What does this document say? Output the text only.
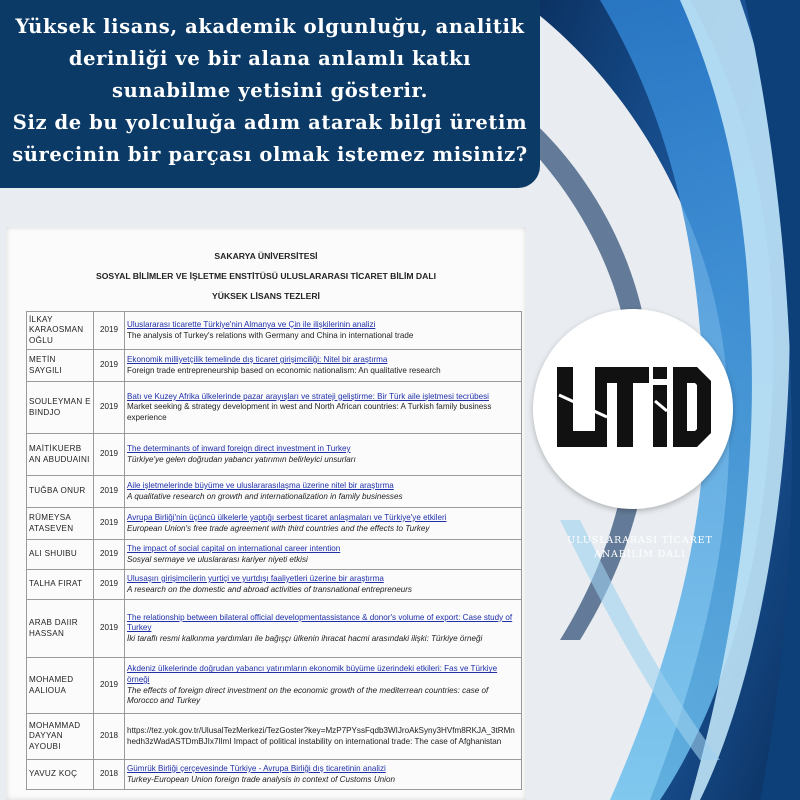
Yüksek lisans, akademik olgunluğu, analitik
derinliği ve bir alana anlamlı katkı
sunabilme yetisini gösterir.
Siz de bu yolculuğa adım atarak bilgi üretim
sürecinin bir parçası olmak istemez misiniz?
SAKARYA ÜNİVERSİTESİ
SOSYAL BİLİMLER VE İŞLETME ENSTİTÜSÜ ULUSLARARASI TİCARET BİLİM DALI
YÜKSEK LİSANS TEZLERİ
İLKAY KARAOSMAN OĞLU	2019	Uluslararası ticarette Türkiye'nin Almanya ve Çin ile ilişkilerinin analizi
The analysis of Turkey's relations with Germany and China in international trade

METİN SAYGILI	2019	Ekonomik milliyetçilik temelinde dış ticaret girişimciliği: Nitel bir araştırma
Foreign trade entrepreneurship based on economic nationalism: An qualitative research

SOULEYMAN E BINDJO	2019	Batı ve Kuzey Afrika ülkelerinde pazar arayışları ve strateji geliştirme: Bir Türk aile işletmesi tecrübesi
Market seeking & strategy development in west and North African countries: A Turkish family business experience

MAİTİKUERB AN ABUDUAINI	2019	The determinants of inward foreign direct investment in Turkey
Türkiye'ye gelen doğrudan yabancı yatırımın belirleyici unsurları

TUĞBA ONUR	2019	Aile işletmelerinde büyüme ve uluslararasılaşma üzerine nitel bir araştırma
A qualitative research on growth and internationalization in family businesses

RÜMEYSA ATASEVEN	2019	Avrupa Birliği'nin üçüncü ülkelerle yaptığı serbest ticaret anlaşmaları ve Türkiye'ye etkileri
European Union's free trade agreement with third countries and the effects to Turkey

ALI SHUIBU	2019	The impact of social capital on international career intention
Sosyal sermaye ve uluslararası kariyer niyeti etkisi

TALHA FIRAT	2019	Ulusaşırı girişimcilerin yurtiçi ve yurtdışı faaliyetleri üzerine bir araştırma
A research on the domestic and abroad activities of transnational entrepreneurs

ARAB DAIIR HASSAN	2019	The relationship between bilateral official developmentassistance & donor's volume of export: Case study of Turkey
İki taraflı resmi kalkınma yardımları ile bağışçı ülkenin ihracat hacmi arasındaki ilişki: Türkiye örneği

MOHAMED AALIOUA	2019	Akdeniz ülkelerinde doğrudan yabancı yatırımların ekonomik büyüme üzerindeki etkileri: Fas ve Türkiye örneği
The effects of foreign direct investment on the economic growth of the mediterrean countries: case of Morocco and Turkey

MOHAMMAD DAYYAN AYOUBI	2018	https://tez.yok.gov.tr/UlusalTezMerkezi/TezGoster?key=MzP7PYssFqdb3WIJroAkSyny3HVfm8RKJA_3tRMnhedh3zWadASTDmBJIx7lImI Impact of political instability on international trade: The case of Afghanistan

YAVUZ KOÇ	2018	Gümrük Birliği çerçevesinde Türkiye - Avrupa Birliği dış ticaretinin analizi
Turkey-European Union foreign trade analysis in context of Customs Union
ULUSLARARASI TİCARET
ANABİLİM DALI
